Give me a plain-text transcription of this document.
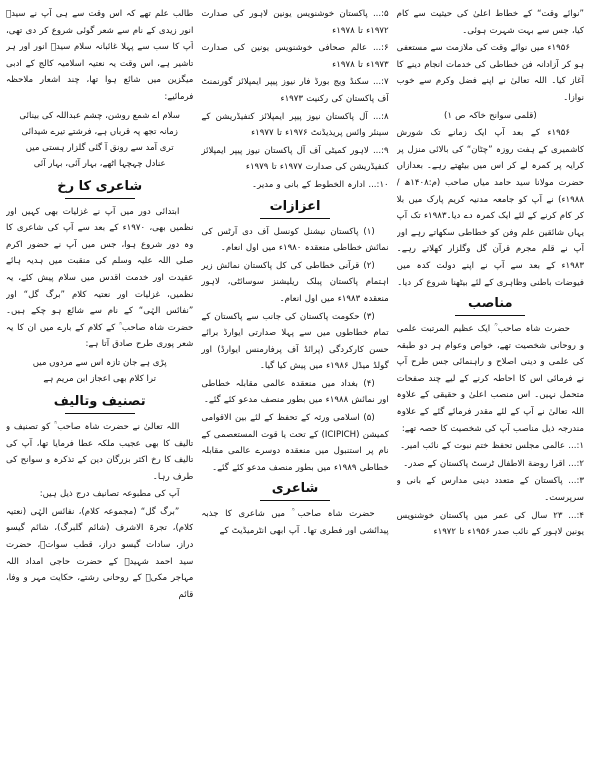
”نوائے وقت“ کے خطاط اعلیٰ کی حیثیت سے کام کیا، جس سے بہت شہرت ہوئی۔

۱۹۵۶ء میں نوائے وقت کی ملازمت سے مستعفی ہو کر آزادانہ فن خطاطی کی خدمات انجام دینے کا آغاز کیا۔ اللہ تعالیٰ نے اپنے فضل وکرم سے خوب نوازا۔

(قلمی سوانح خاکہ ص ۱)

۱۹۵۶ء کے بعد آپ ایک زمانے تک شورش کاشمیری کے ہفت روزہ ”چٹان“ کی بالائی منزل پر کرایہ پر کمرہ لے کر اس میں بیٹھتے رہے۔ بعدازاں حضرت مولانا سید حامد میاں صاحب (م:۱۴۰۸ھ / ۱۹۸۸ء) نے آپ کو جامعہ مدنیہ کریم پارک میں بلا کر کام کرنے کے لئے ایک کمرہ دے دیا۔۱۹۸۳ء تک آپ یہاں شائقین علم وفن کو خطاطی سکھاتے رہے اور آپ نے قلم مجرم قرآن گل وگلزار کھلاتے رہے۔ ۱۹۸۳ء کے بعد سے آپ نے اپنے دولت کدہ میں فیوضات باطنی وظاہری کے لئے بیٹھنا شروع کر دیا۔

مناصب

حضرت شاہ صاحب ؒ ایک عظیم المرتبت علمی و روحانی شخصیت تھے، خواص وعوام ہر دو طبقہ کی علمی و دینی اصلاح و راہنمائی جس طرح آپ نے فرمائی اس کا احاطہ کرنے کے لیے چند صفحات متحمل نہیں۔ اس منصب اعلیٰ و حقیقی کے علاوہ اللہ تعالیٰ نے آپ کے لئے مقدر فرمائے گئے کے علاوہ مندرجہ ذیل مناصب آپ کی شخصیت کا حصہ تھے:

۱:... عالمی مجلس تحفظ ختم نبوت کے نائب امیر۔

۲:... اقرا روضة الاطفال ٹرسٹ پاکستان کے صدر۔

۳:... پاکستان کے متعدد دینی مدارس کے بانی و سرپرست۔

۴:... ۲۳ سال کی عمر میں پاکستان خوشنویس یونین لاہور کے نائب صدر ۱۹۵۶ء تا ۱۹۷۲ء

۵:... پاکستان خوشنویس یونین لاہور کی صدارت ۱۹۷۲ء تا ۱۹۷۸ء

۶:... عالم صحافی خوشنویس یونین کی صدارت ۱۹۷۳ء تا ۱۹۷۸ء

۷:... سکنڈ ویج بورڈ فار نیوز پیپر ایمپلائز گورنمنٹ آف پاکستان کی رکنیت ۱۹۷۳ء

۸:... آل پاکستان نیوز پیپر ایمپلائز کنفیڈریشن کے سینئر وائس پریذیڈنٹ ۱۹۷۶ء تا ۱۹۷۷ء

۹:... لاہور کمیٹی آف آل پاکستان نیوز پیپر ایمپلائز کنفیڈریشن کی صدارت ۱۹۷۷ء تا ۱۹۷۹ء

۱۰:... ادارہ الخطوط کے بانی و مدیر۔

اعزازات

(۱) پاکستان نیشنل کونسل آف دی آرٹس کی نمائش خطاطی منعقدہ ۱۹۸۰ء میں اول انعام۔

(۲) قرآنی خطاطی کی کل پاکستان نمائش زیر اہتمام پاکستان پبلک ریلیشنز سوسائٹی، لاہور منعقدہ ۱۹۸۳ء میں اول انعام۔

(۳) حکومت پاکستان کی جانب سے پاکستان کے تمام خطاطوں میں سے پہلا صدارتی ایوارڈ برائے حسن کارکردگی (پرائڈ آف پرفارمنس ایوارڈ) اور گولڈ میڈل ۱۹۸۶ء میں پیش کیا گیا۔

(۴) بغداد میں منعقدہ عالمی مقابلہ خطاطی اور نمائش ۱۹۸۸ء میں بطور منصف مدعو کئے گئے۔

(۵) اسلامی ورثہ کے تحفظ کے لئے بین الاقوامی کمیشن (ICIPICH) کے تحت یا قوت المستعصمی کے نام پر استنبول میں منعقدہ دوسرے عالمی مقابلہ خطاطی ۱۹۸۹ء میں بطور منصف مدعو کئے گئے۔

شاعری

حضرت شاہ صاحب ؒ میں شاعری کا جذبہ پیدائشی اور فطری تھا۔ آپ ابھی انٹرمیڈیٹ کے

طالب علم تھے کہ اس وقت سے ہی آپ نے سیدؔ انور زیدی کے نام سے شعر گوئی شروع کر دی تھی، آپ کا سب سے پہلا غائبانہ سلام سیدؔ انور اور ہر تاشیر ہے، اس وقت یہ نعتیہ اسلامیہ کالج کے ادبی میگزین میں شائع ہوا تھا، چند اشعار ملاحظہ فرمائیے:

سلام اے شمع روشن، چشم عبداللہ کی بینائی
زمانہ تجھ پہ قرباں ہے، فرشتے تیرے شیدائی
تری آمد سے رونق آ گئی گلزار ہستی میں
عنادل چہچہا اٹھے، بہار آئی، بہار آئی
شاعری کا رخ

ابتدائی دور میں آپ نے غزلیات بھی کہیں اور نظمیں بھی، ۱۹۷۰ء کے بعد سے آپ کی شاعری کا وہ دور شروع ہوا، جس میں آپ نے حضور اکرم صلی اللہ علیہ وسلم کی منقبت میں ہدیہ ہائے عقیدت اور خدمت اقدس میں سلام پیش کئے، یہ نظمیں، غزلیات اور نعتیہ کلام ”برگ گل“ اور ”نفائس الہٰی“ کے نام سے شائع ہو چکے ہیں۔ حضرت شاہ صاحب ؒ کے کلام کے بارے میں ان کا یہ شعر پوری طرح صادق آتا ہے:

پڑی ہے جان تازہ اس سے مردوں میں
ترا کلام بھی اعجاز ابن مریم ہے
تصنیف وتالیف

اللہ تعالیٰ نے حضرت شاہ صاحب ؒ کو تصنیف و تالیف کا بھی عجیب ملکہ عطا فرمایا تھا، آپ کی تالیف کا رخ اکثر بزرگان دین کے تذکرہ و سوانح کی طرف رہا۔

آپ کی مطبوعہ تصانیف درج ذیل ہیں:

”برگ گل“ (مجموعہ کلام)، نفائس الہٰی (نعتیہ کلام)، تجرۃ الاشرف (شائم گلبرگ)، شائم گیسو دراز، سادات گیسو دراز، قطب سواتؒ، حضرت سید احمد شہیدؒ کے حضرت حاجی امداد اللہ مہاجر مکیؒ کے روحانی رشتے، حکایت مہر و وفا، قائم
